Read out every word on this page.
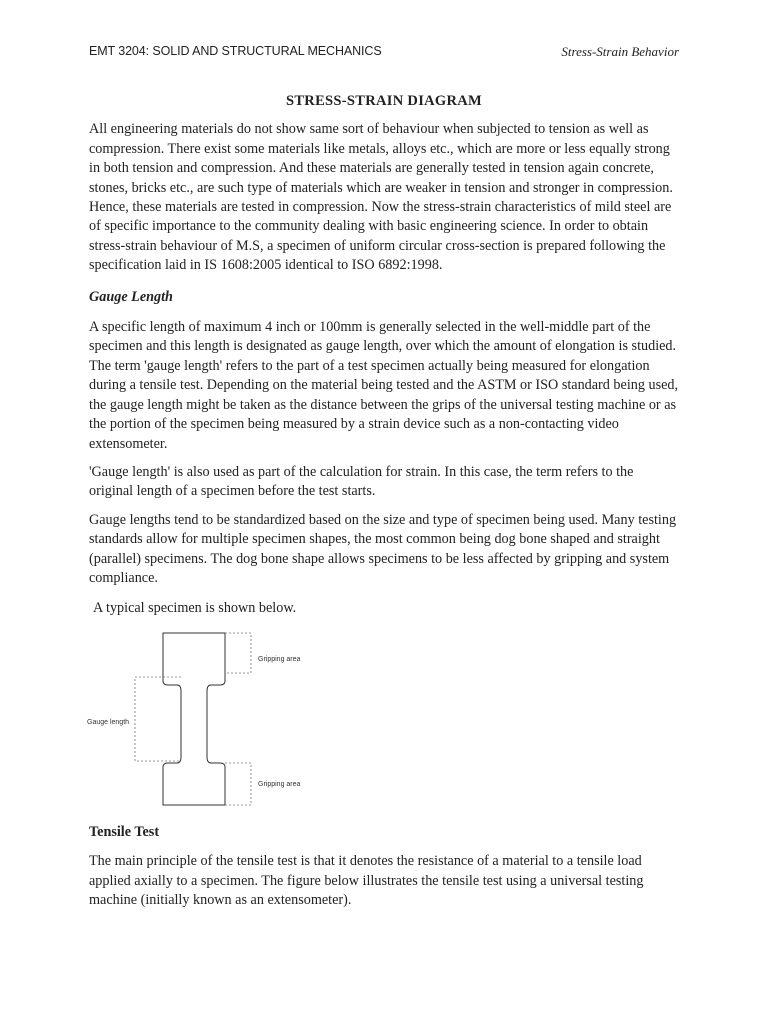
EMT 3204: SOLID AND STRUCTURAL MECHANICS	Stress-Strain Behavior
STRESS-STRAIN DIAGRAM

All engineering materials do not show same sort of behaviour when subjected to tension as well as compression. There exist some materials like metals, alloys etc., which are more or less equally strong in both tension and compression. And these materials are generally tested in tension again concrete, stones, bricks etc., are such type of materials which are weaker in tension and stronger in compression. Hence, these materials are tested in compression. Now the stress-strain characteristics of mild steel are of specific importance to the community dealing with basic engineering science. In order to obtain stress-strain behaviour of M.S, a specimen of uniform circular cross-section is prepared following the specification laid in IS 1608:2005 identical to ISO 6892:1998.

Gauge Length

A specific length of maximum 4 inch or 100mm is generally selected in the well-middle part of the specimen and this length is designated as gauge length, over which the amount of elongation is studied. The term 'gauge length' refers to the part of a test specimen actually being measured for elongation during a tensile test. Depending on the material being tested and the ASTM or ISO standard being used, the gauge length might be taken as the distance between the grips of the universal testing machine or as the portion of the specimen being measured by a strain device such as a non-contacting video extensometer.

'Gauge length' is also used as part of the calculation for strain. In this case, the term refers to the original length of a specimen before the test starts.

Gauge lengths tend to be standardized based on the size and type of specimen being used. Many testing standards allow for multiple specimen shapes, the most common being dog bone shaped and straight (parallel) specimens. The dog bone shape allows specimens to be less affected by gripping and system compliance.

A typical specimen is shown below.

Gripping area
Gauge length
Gripping area
Tensile Test

The main principle of the tensile test is that it denotes the resistance of a material to a tensile load applied axially to a specimen. The figure below illustrates the tensile test using a universal testing machine (initially known as an extensometer).
